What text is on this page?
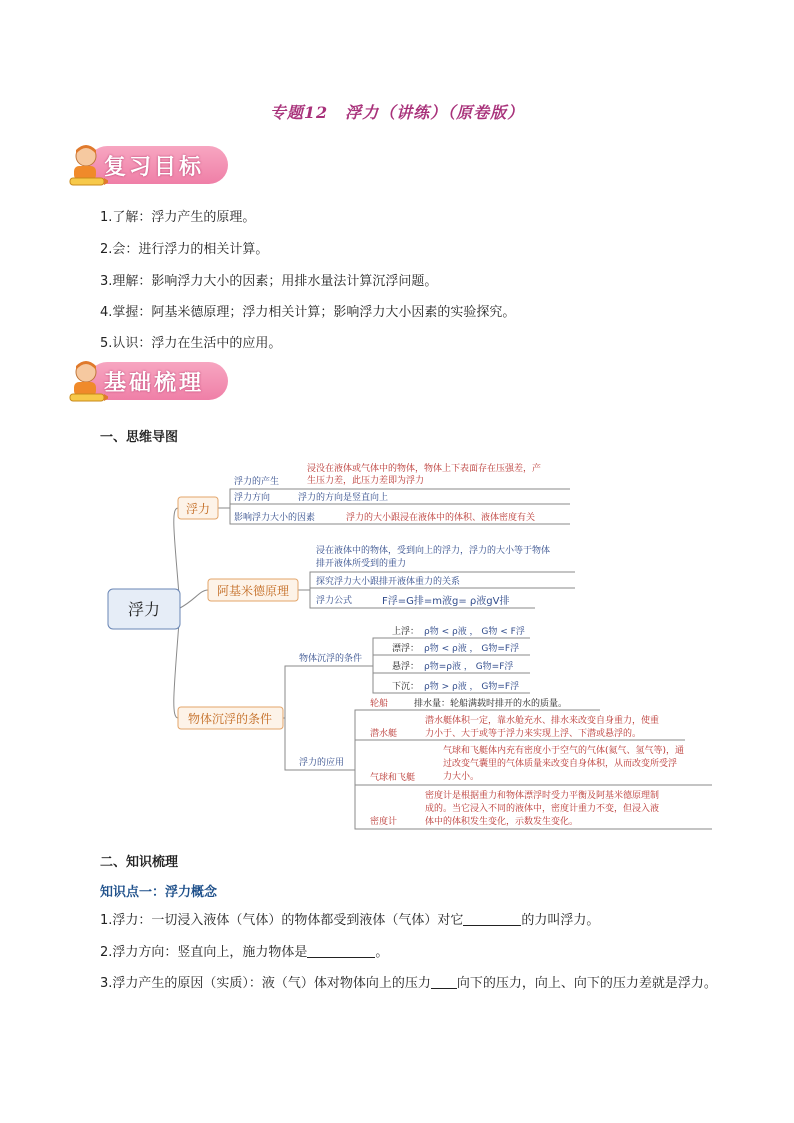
专题12　浮力（讲练）（原卷版）
复习目标
1.了解：浮力产生的原理。
2.会：进行浮力的相关计算。
3.理解：影响浮力大小的因素；用排水量法计算沉浮问题。
4.掌握：阿基米德原理；浮力相关计算；影响浮力大小因素的实验探究。
5.认识：浮力在生活中的应用。
基础梳理
一、思维导图
浮力
浮力
阿基米德原理
物体沉浮的条件
浮力的产生
浸没在液体或气体中的物体，物体上下表面存在压强差，产
生压力差，此压力差即为浮力
浮力方向	浮力的方向是竖直向上
影响浮力大小的因素	浮力的大小跟浸在液体中的体积、液体密度有关
浸在液体中的物体，受到向上的浮力，浮力的大小等于物体
排开液体所受到的重力
探究浮力大小跟排开液体重力的关系
浮力公式	F浮=G排=m液g= ρ液gV排
物体沉浮的条件
上浮： ρ物 < ρ液 ， G物 < F浮
漂浮： ρ物 < ρ液 ， G物=F浮
悬浮： ρ物=ρ液 ， G物=F浮
下沉： ρ物 > ρ液 ， G物=F浮
浮力的应用
轮船	排水量：轮船满载时排开的水的质量。
潜水艇
潜水艇体积一定，靠水舱充水、排水来改变自身重力，使重
力小于、大于或等于浮力来实现上浮、下潜或悬浮的。
气球和飞艇
气球和飞艇体内充有密度小于空气的气体(氦气、氢气等)，通
过改变气囊里的气体质量来改变自身体积，从而改变所受浮
力大小。
密度计
密度计是根据重力和物体漂浮时受力平衡及阿基米德原理制
成的。当它浸入不同的液体中，密度计重力不变，但浸入液
体中的体积发生变化，示数发生变化。
二、知识梳理
知识点一：浮力概念
1.浮力：一切浸入液体（气体）的物体都受到液体（气体）对它	的力叫浮力。
2.浮力方向：竖直向上，施力物体是	。
3.浮力产生的原因（实质）：液（气）体对物体向上的压力 向下的压力，向上、向下的压力差就是浮力。
